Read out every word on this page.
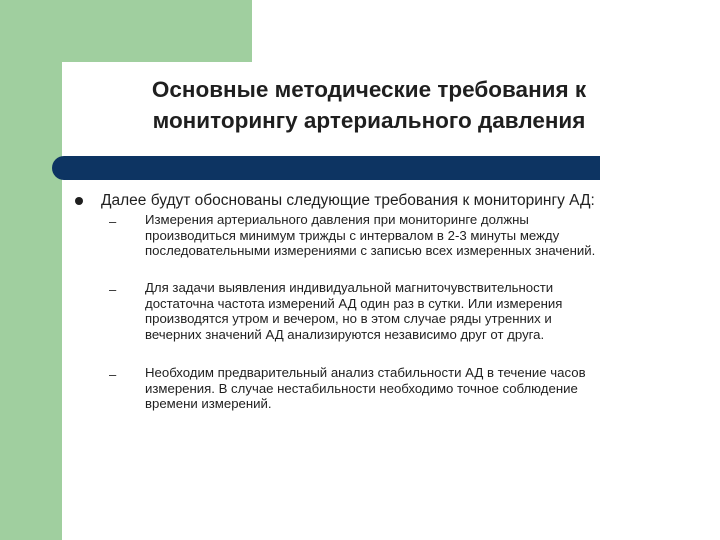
Основные методические требования к
мониторингу артериального давления
Далее будут обоснованы следующие требования к мониторингу АД:
– Измерения артериального давления при мониторинге должны
производиться минимум трижды с интервалом в 2-3 минуты между
последовательными измерениями с записью всех измеренных значений.
– Для задачи выявления индивидуальной магниточувствительности
достаточна частота измерений АД один раз в сутки. Или измерения
производятся утром и вечером, но в этом случае ряды утренних и
вечерних значений АД анализируются независимо друг от друга.
– Необходим предварительный анализ стабильности АД в течение часов
измерения. В случае нестабильности необходимо точное соблюдение
времени измерений.
